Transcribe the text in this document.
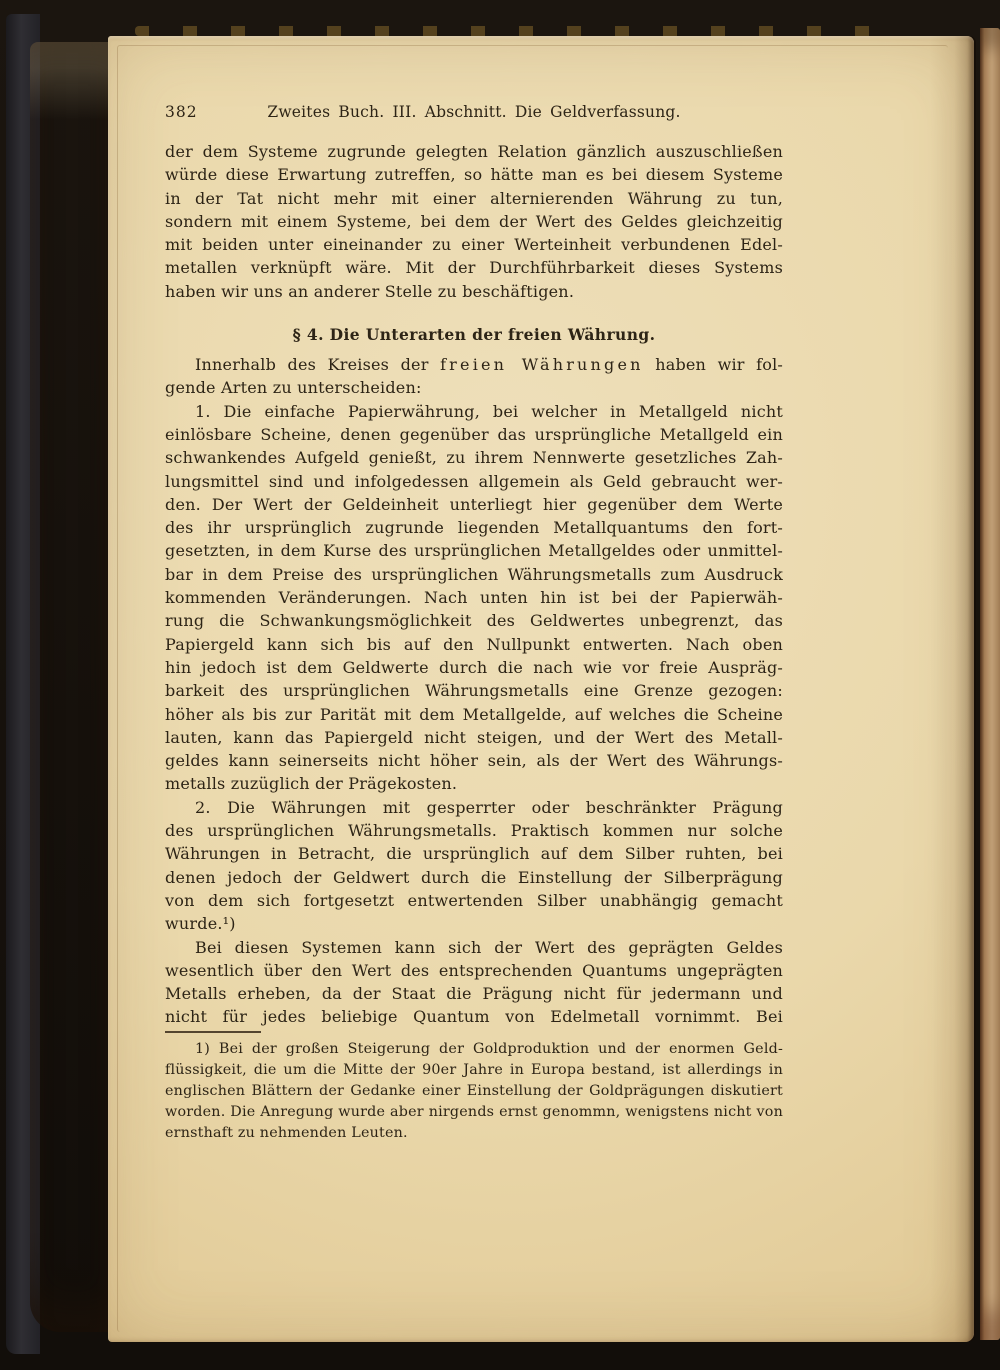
382	Zweites Buch. III. Abschnitt. Die Geldverfassung.
der dem Systeme zugrunde gelegten Relation gänzlich auszuschließen
würde diese Erwartung zutreffen, so hätte man es bei diesem Systeme
in der Tat nicht mehr mit einer alternierenden Währung zu tun,
sondern mit einem Systeme, bei dem der Wert des Geldes gleichzeitig
mit beiden unter eineinander zu einer Werteinheit verbundenen Edel-
metallen verknüpft wäre. Mit der Durchführbarkeit dieses Systems
haben wir uns an anderer Stelle zu beschäftigen.
§ 4. Die Unterarten der freien Währung.
Innerhalb des Kreises der freien Währungen haben wir fol-
gende Arten zu unterscheiden:
1. Die einfache Papierwährung, bei welcher in Metallgeld nicht
einlösbare Scheine, denen gegenüber das ursprüngliche Metallgeld ein
schwankendes Aufgeld genießt, zu ihrem Nennwerte gesetzliches Zah-
lungsmittel sind und infolgedessen allgemein als Geld gebraucht wer-
den. Der Wert der Geldeinheit unterliegt hier gegenüber dem Werte
des ihr ursprünglich zugrunde liegenden Metallquantums den fort-
gesetzten, in dem Kurse des ursprünglichen Metallgeldes oder unmittel-
bar in dem Preise des ursprünglichen Währungsmetalls zum Ausdruck
kommenden Veränderungen. Nach unten hin ist bei der Papierwäh-
rung die Schwankungsmöglichkeit des Geldwertes unbegrenzt, das
Papiergeld kann sich bis auf den Nullpunkt entwerten. Nach oben
hin jedoch ist dem Geldwerte durch die nach wie vor freie Auspräg-
barkeit des ursprünglichen Währungsmetalls eine Grenze gezogen:
höher als bis zur Parität mit dem Metallgelde, auf welches die Scheine
lauten, kann das Papiergeld nicht steigen, und der Wert des Metall-
geldes kann seinerseits nicht höher sein, als der Wert des Währungs-
metalls zuzüglich der Prägekosten.
2. Die Währungen mit gesperrter oder beschränkter Prägung
des ursprünglichen Währungsmetalls. Praktisch kommen nur solche
Währungen in Betracht, die ursprünglich auf dem Silber ruhten, bei
denen jedoch der Geldwert durch die Einstellung der Silberprägung
von dem sich fortgesetzt entwertenden Silber unabhängig gemacht
wurde.¹)
Bei diesen Systemen kann sich der Wert des geprägten Geldes
wesentlich über den Wert des entsprechenden Quantums ungeprägten
Metalls erheben, da der Staat die Prägung nicht für jedermann und
nicht für jedes beliebige Quantum von Edelmetall vornimmt. Bei
1) Bei der großen Steigerung der Goldproduktion und der enormen Geld-
flüssigkeit, die um die Mitte der 90er Jahre in Europa bestand, ist allerdings in
englischen Blättern der Gedanke einer Einstellung der Goldprägungen diskutiert
worden. Die Anregung wurde aber nirgends ernst genommn, wenigstens nicht von
ernsthaft zu nehmenden Leuten.
